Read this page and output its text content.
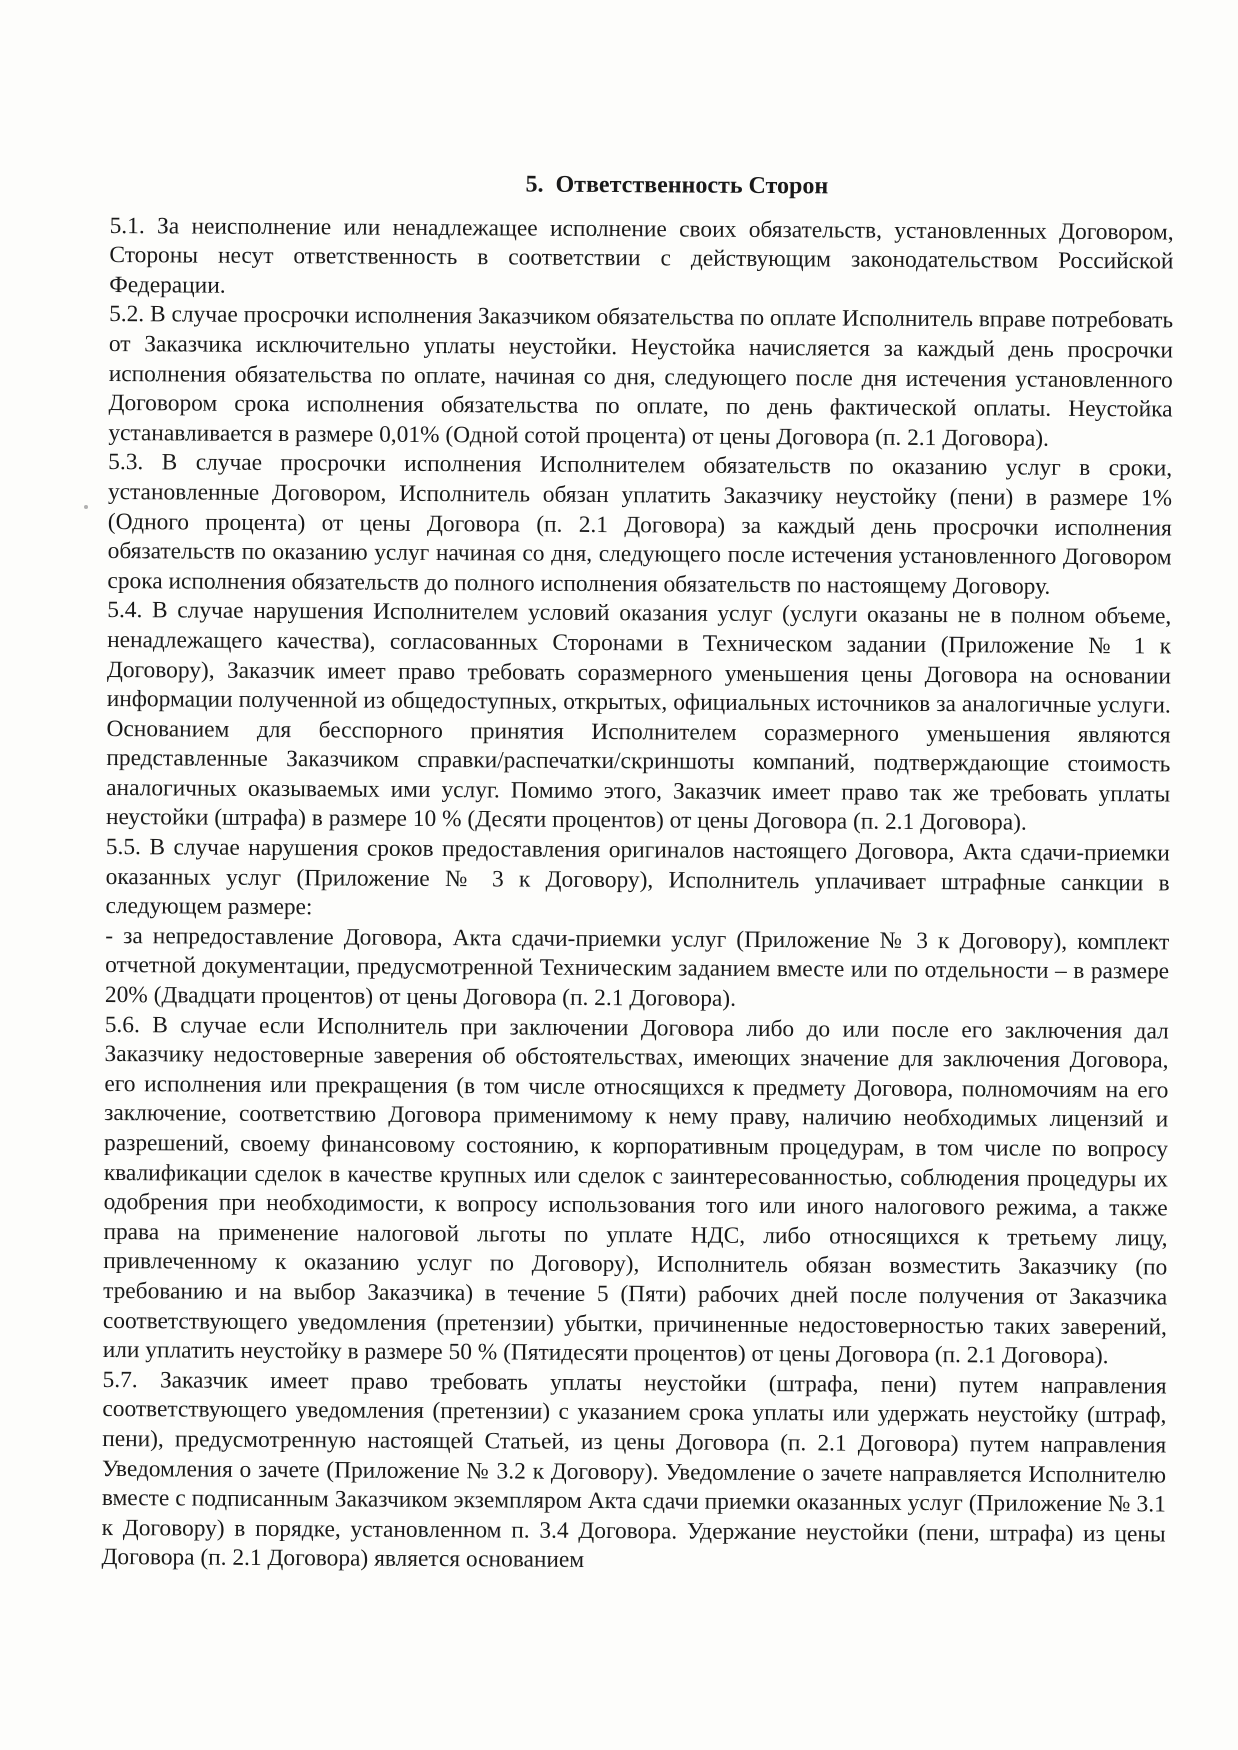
5. Ответственность Сторон

5.1. За неисполнение или ненадлежащее исполнение своих обязательств, установленных Договором, Стороны несут ответственность в соответствии с действующим законодательством Российской Федерации.

5.2. В случае просрочки исполнения Заказчиком обязательства по оплате Исполнитель вправе потребовать от Заказчика исключительно уплаты неустойки. Неустойка начисляется за каждый день просрочки исполнения обязательства по оплате, начиная со дня, следующего после дня истечения установленного Договором срока исполнения обязательства по оплате, по день фактической оплаты. Неустойка устанавливается в размере 0,01% (Одной сотой процента) от цены Договора (п. 2.1 Договора).

5.3. В случае просрочки исполнения Исполнителем обязательств по оказанию услуг в сроки, установленные Договором, Исполнитель обязан уплатить Заказчику неустойку (пени) в размере 1% (Одного процента) от цены Договора (п. 2.1 Договора) за каждый день просрочки исполнения обязательств по оказанию услуг начиная со дня, следующего после истечения установленного Договором срока исполнения обязательств до полного исполнения обязательств по настоящему Договору.

5.4. В случае нарушения Исполнителем условий оказания услуг (услуги оказаны не в полном объеме, ненадлежащего качества), согласованных Сторонами в Техническом задании (Приложение № 1 к Договору), Заказчик имеет право требовать соразмерного уменьшения цены Договора на основании информации полученной из общедоступных, открытых, официальных источников за аналогичные услуги. Основанием для бесспорного принятия Исполнителем соразмерного уменьшения являются представленные Заказчиком справки/распечатки/скриншоты компаний, подтверждающие стоимость аналогичных оказываемых ими услуг. Помимо этого, Заказчик имеет право так же требовать уплаты неустойки (штрафа) в размере 10 % (Десяти процентов) от цены Договора (п. 2.1 Договора).

5.5. В случае нарушения сроков предоставления оригиналов настоящего Договора, Акта сдачи-приемки оказанных услуг (Приложение № 3 к Договору), Исполнитель уплачивает штрафные санкции в следующем размере:

- за непредоставление Договора, Акта сдачи-приемки услуг (Приложение № 3 к Договору), комплект отчетной документации, предусмотренной Техническим заданием вместе или по отдельности – в размере 20% (Двадцати процентов) от цены Договора (п. 2.1 Договора).

5.6. В случае если Исполнитель при заключении Договора либо до или после его заключения дал Заказчику недостоверные заверения об обстоятельствах, имеющих значение для заключения Договора, его исполнения или прекращения (в том числе относящихся к предмету Договора, полномочиям на его заключение, соответствию Договора применимому к нему праву, наличию необходимых лицензий и разрешений, своему финансовому состоянию, к корпоративным процедурам, в том числе по вопросу квалификации сделок в качестве крупных или сделок с заинтересованностью, соблюдения процедуры их одобрения при необходимости, к вопросу использования того или иного налогового режима, а также права на применение налоговой льготы по уплате НДС, либо относящихся к третьему лицу, привлеченному к оказанию услуг по Договору), Исполнитель обязан возместить Заказчику (по требованию и на выбор Заказчика) в течение 5 (Пяти) рабочих дней после получения от Заказчика соответствующего уведомления (претензии) убытки, причиненные недостоверностью таких заверений, или уплатить неустойку в размере 50 % (Пятидесяти процентов) от цены Договора (п. 2.1 Договора).

5.7. Заказчик имеет право требовать уплаты неустойки (штрафа, пени) путем направления соответствующего уведомления (претензии) с указанием срока уплаты или удержать неустойку (штраф, пени), предусмотренную настоящей Статьей, из цены Договора (п. 2.1 Договора) путем направления Уведомления о зачете (Приложение № 3.2 к Договору). Уведомление о зачете направляется Исполнителю вместе с подписанным Заказчиком экземпляром Акта сдачи приемки оказанных услуг (Приложение № 3.1 к Договору) в порядке, установленном п. 3.4 Договора. Удержание неустойки (пени, штрафа) из цены Договора (п. 2.1 Договора) является основанием
